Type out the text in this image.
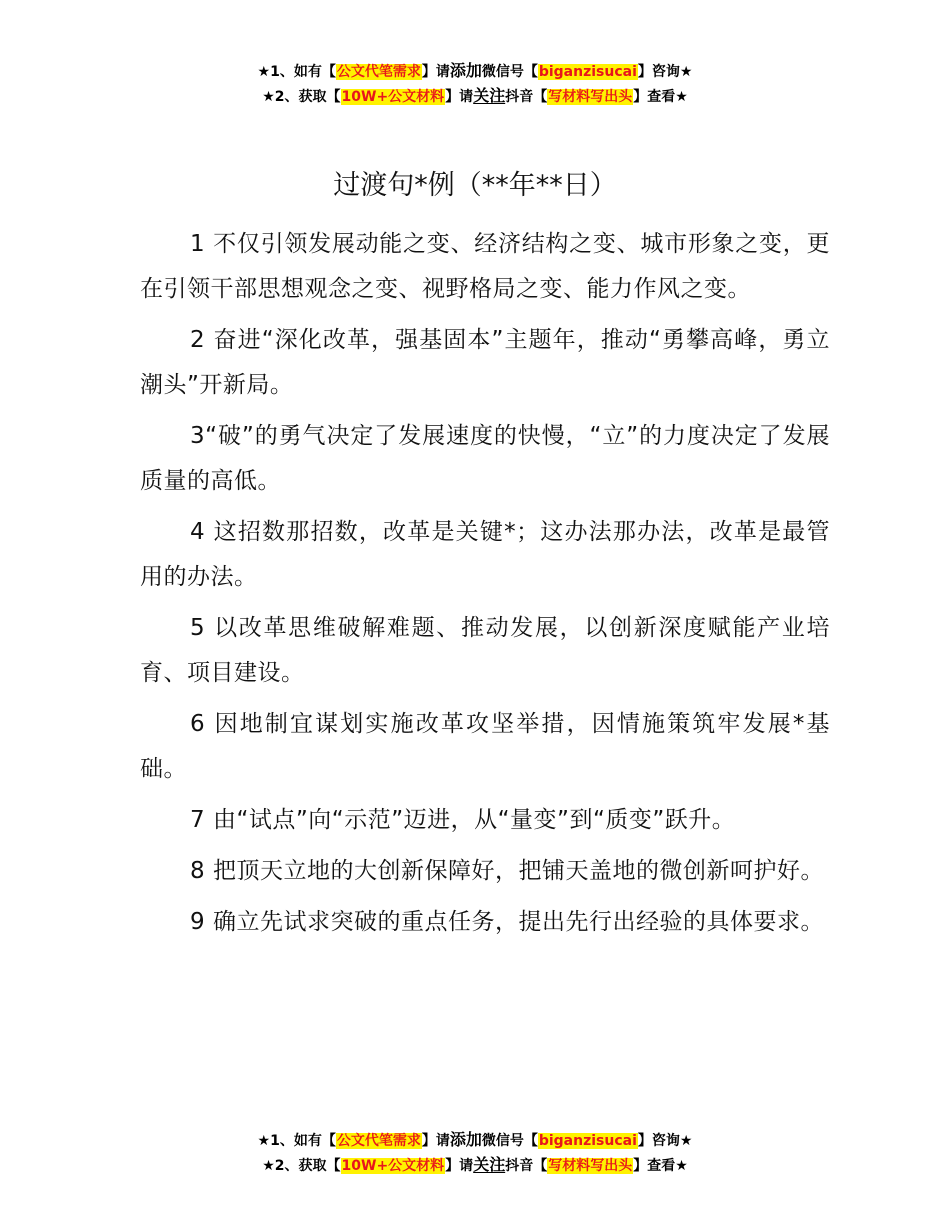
★1、如有【公文代笔需求】请添加微信号【biganzisucai】咨询★
★2、获取【10W+公文材料】请关注抖音【写材料写出头】查看★
过渡句*例（**年**日）

1 不仅引领发展动能之变、经济结构之变、城市形象之变，更在引领干部思想观念之变、视野格局之变、能力作风之变。

2 奋进“深化改革，强基固本”主题年，推动“勇攀高峰，勇立潮头”开新局。

3“破”的勇气决定了发展速度的快慢，“立”的力度决定了发展质量的高低。

4 这招数那招数，改革是关键*；这办法那办法，改革是最管用的办法。

5 以改革思维破解难题、推动发展，以创新深度赋能产业培育、项目建设。

6 因地制宜谋划实施改革攻坚举措，因情施策筑牢发展*基础。

7 由“试点”向“示范”迈进，从“量变”到“质变”跃升。

8 把顶天立地的大创新保障好，把铺天盖地的微创新呵护好。

9 确立先试求突破的重点任务，提出先行出经验的具体要求。

★1、如有【公文代笔需求】请添加微信号【biganzisucai】咨询★
★2、获取【10W+公文材料】请关注抖音【写材料写出头】查看★
